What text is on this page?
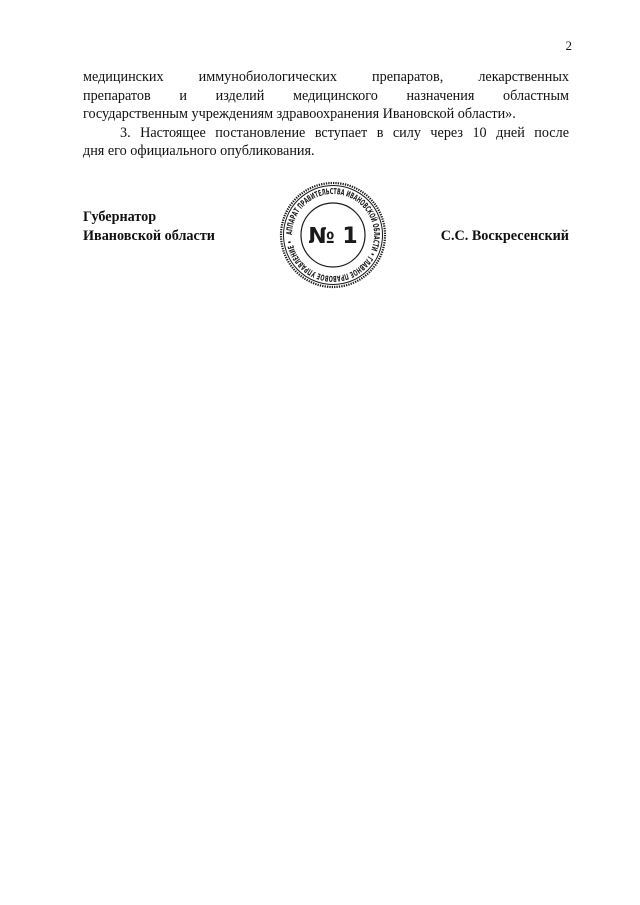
2

медицинских иммунобиологических препаратов, лекарственных
препаратов и изделий медицинского назначения областным
государственным учреждениям здравоохранения Ивановской области».

3. Настоящее постановление вступает в силу через 10 дней после

дня его официального опубликования.

Губернатор
Ивановской области	С.С. Воскресенский
АППАРАТ ПРАВИТЕЛЬСТВА ИВАНОВСКОЙ ОБЛАСТИ • ГЛАВНОЕ ПРАВОВОЕ УПРАВЛЕНИЕ • № 1
